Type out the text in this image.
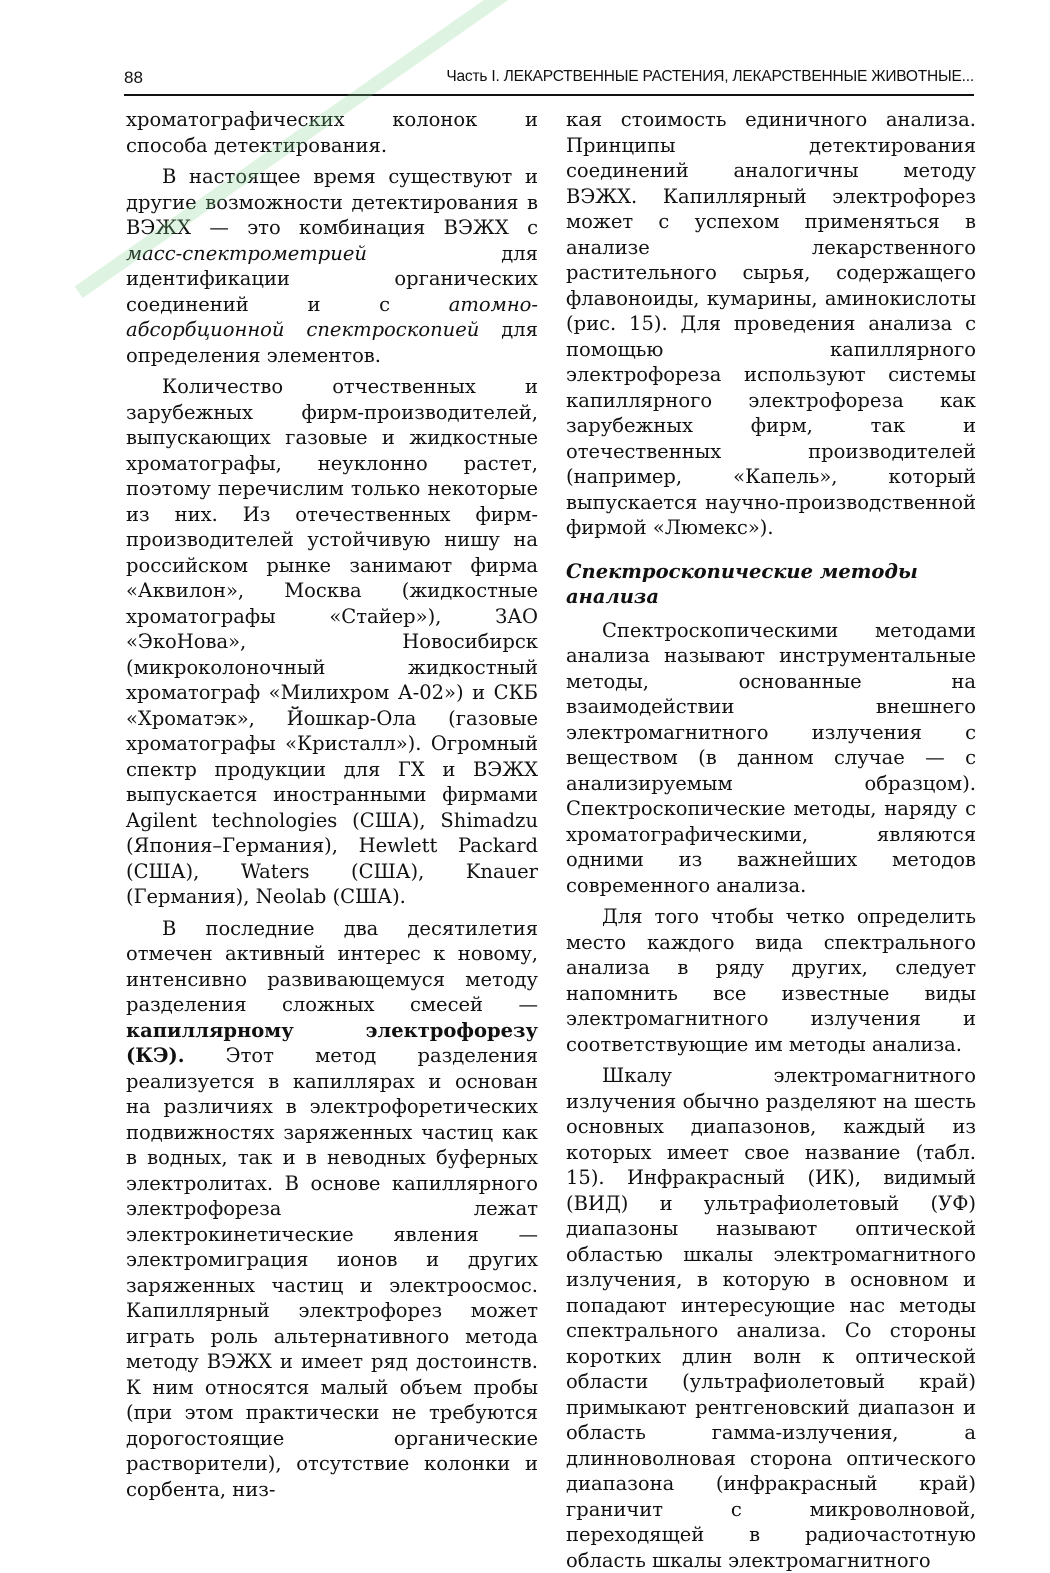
88	Часть I. ЛЕКАРСТВЕННЫЕ РАСТЕНИЯ, ЛЕКАРСТВЕННЫЕ ЖИВОТНЫЕ...

хроматографических колонок и способа детектирования.

В настоящее время существуют и другие возможности детектирования в ВЭЖХ — это комбинация ВЭЖХ с масс-спектрометрией для идентификации органических соединений и с атомно-абсорбционной спектроскопией для определения элементов.

Количество отчественных и зарубежных фирм-производителей, выпускающих газовые и жидкостные хроматографы, неуклонно растет, поэтому перечислим только некоторые из них. Из отечественных фирм-производителей устойчивую нишу на российском рынке занимают фирма «Аквилон», Москва (жидкостные хроматографы «Стайер»), ЗАО «ЭкоНова», Новосибирск (микроколоночный жидкостный хроматограф «Милихром А-02») и СКБ «Хроматэк», Йошкар-Ола (газовые хроматографы «Кристалл»). Огромный спектр продукции для ГХ и ВЭЖХ выпускается иностранными фирмами Agilent technologies (США), Shimadzu (Япония–Германия), Hewlett Packard (США), Waters (США), Knauer (Германия), Neolab (США).

В последние два десятилетия отмечен активный интерес к новому, интенсивно развивающемуся методу разделения сложных смесей — капиллярному электрофорезу (КЭ). Этот метод разделения реализуется в капиллярах и основан на различиях в электрофоретических подвижностях заряженных частиц как в водных, так и в неводных буферных электролитах. В основе капиллярного электрофореза лежат электрокинетические явления — электромиграция ионов и других заряженных частиц и электроосмос. Капиллярный электрофорез может играть роль альтернативного метода методу ВЭЖХ и имеет ряд достоинств. К ним относятся малый объем пробы (при этом практически не требуются дорогостоящие органические растворители), отсутствие колонки и сорбента, низ-

кая стоимость единичного анализа. Принципы детектирования соединений аналогичны методу ВЭЖХ. Капиллярный электрофорез может с успехом применяться в анализе лекарственного растительного сырья, содержащего флавоноиды, кумарины, аминокислоты (рис. 15). Для проведения анализа с помощью капиллярного электрофореза используют системы капиллярного электрофореза как зарубежных фирм, так и отечественных производителей (например, «Капель», который выпускается научно-производственной фирмой «Люмекс»).

Спектроскопические методы анализа

Спектроскопическими методами анализа называют инструментальные методы, основанные на взаимодействии внешнего электромагнитного излучения с веществом (в данном случае — с анализируемым образцом). Спектроскопические методы, наряду с хроматографическими, являются одними из важнейших методов современного анализа.

Для того чтобы четко определить место каждого вида спектрального анализа в ряду других, следует напомнить все известные виды электромагнитного излучения и соответствующие им методы анализа.

Шкалу электромагнитного излучения обычно разделяют на шесть основных диапазонов, каждый из которых имеет свое название (табл. 15). Инфракрасный (ИК), видимый (ВИД) и ультрафиолетовый (УФ) диапазоны называют оптической областью шкалы электромагнитного излучения, в которую в основном и попадают интересующие нас методы спектрального анализа. Со стороны коротких длин волн к оптической области (ультрафиолетовый край) примыкают рентгеновский диапазон и область гамма-излучения, а длинноволновая сторона оптического диапазона (инфракрасный край) граничит с микроволновой, переходящей в радиочастотную область шкалы электромагнитного
